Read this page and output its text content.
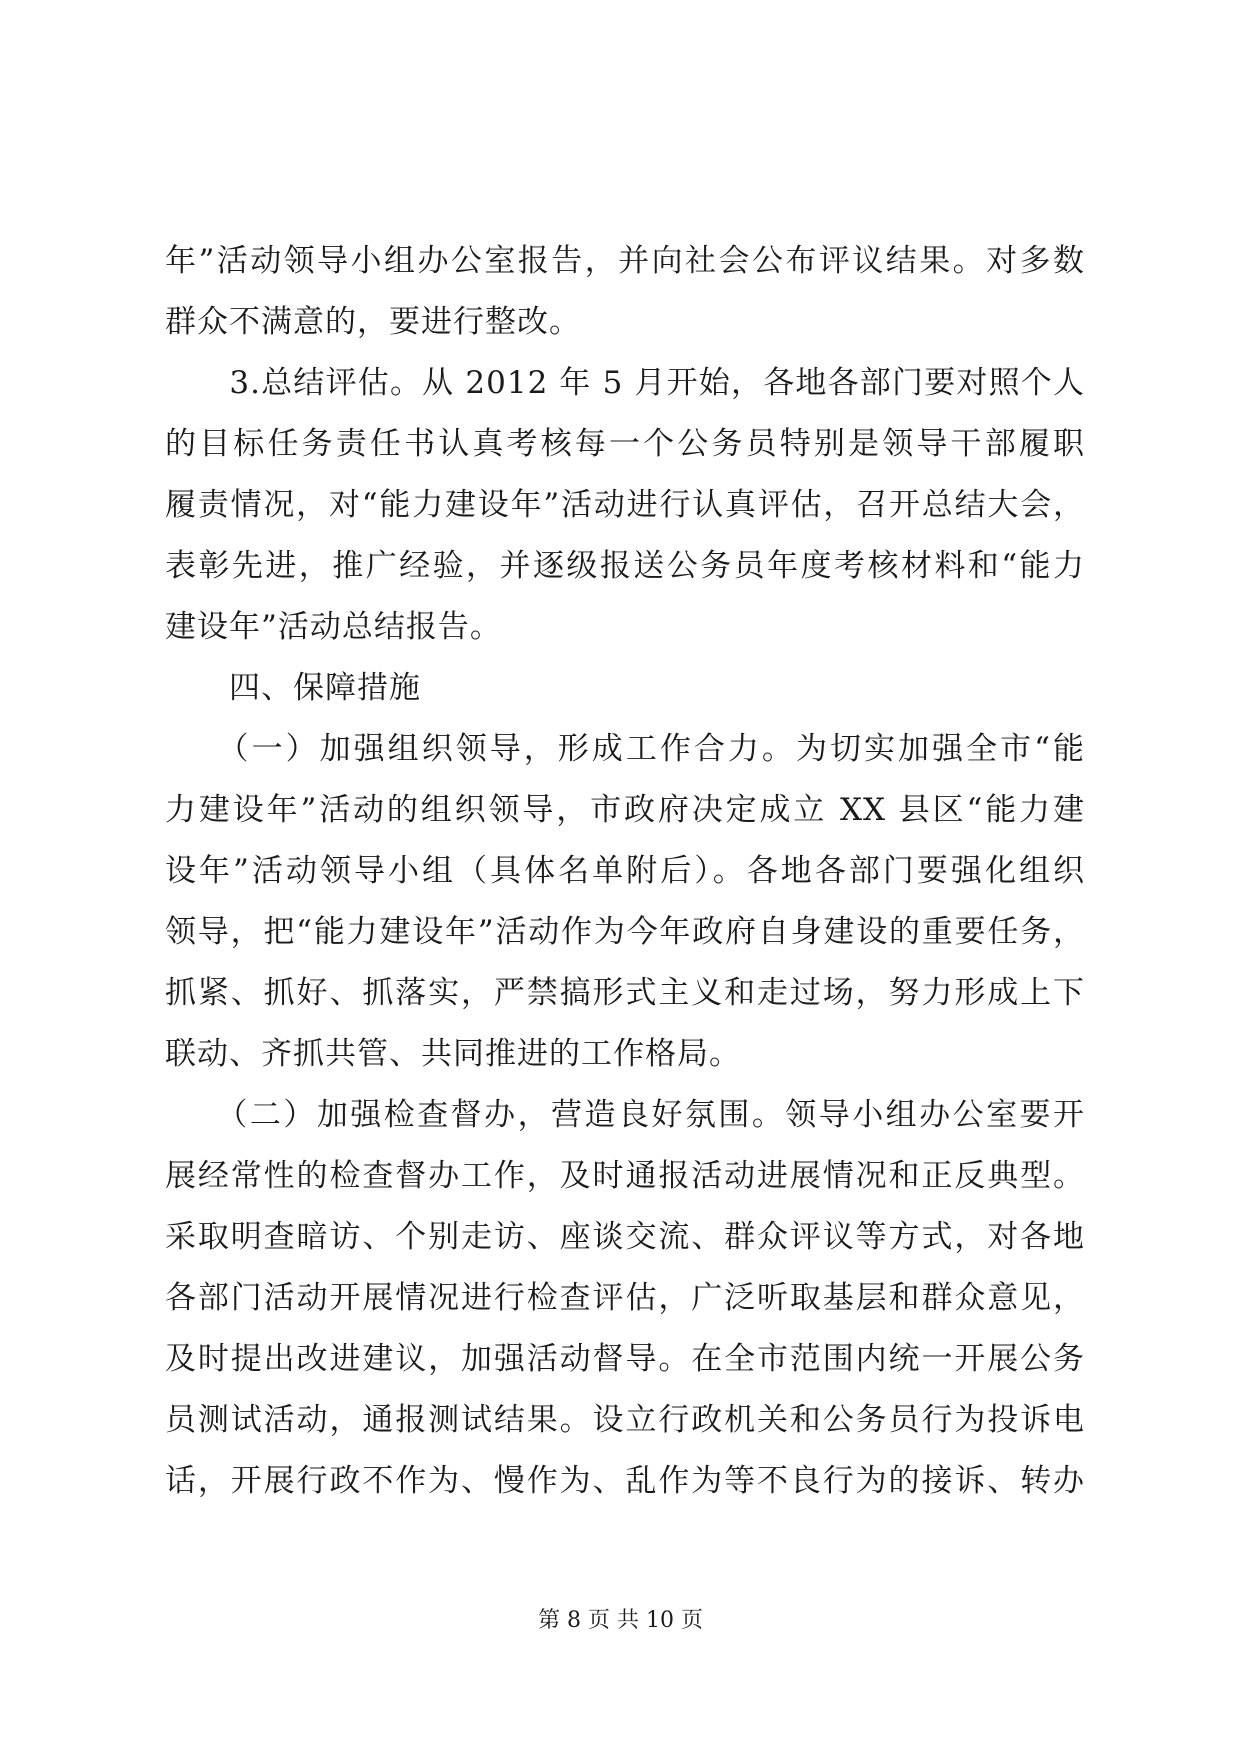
年”活动领导小组办公室报告，并向社会公布评议结果。对多数
群众不满意的，要进行整改。
　　3.总结评估。从 2012 年 5 月开始，各地各部门要对照个人
的目标任务责任书认真考核每一个公务员特别是领导干部履职
履责情况，对“能力建设年”活动进行认真评估，召开总结大会，
表彰先进，推广经验，并逐级报送公务员年度考核材料和“能力
建设年”活动总结报告。
　　四、保障措施
　　（一）加强组织领导，形成工作合力。为切实加强全市“能
力建设年”活动的组织领导，市政府决定成立 XX 县区“能力建
设年”活动领导小组（具体名单附后）。各地各部门要强化组织
领导，把“能力建设年”活动作为今年政府自身建设的重要任务，
抓紧、抓好、抓落实，严禁搞形式主义和走过场，努力形成上下
联动、齐抓共管、共同推进的工作格局。
　　（二）加强检查督办，营造良好氛围。领导小组办公室要开
展经常性的检查督办工作，及时通报活动进展情况和正反典型。
采取明查暗访、个别走访、座谈交流、群众评议等方式，对各地
各部门活动开展情况进行检查评估，广泛听取基层和群众意见，
及时提出改进建议，加强活动督导。在全市范围内统一开展公务
员测试活动，通报测试结果。设立行政机关和公务员行为投诉电
话，开展行政不作为、慢作为、乱作为等不良行为的接诉、转办
第 8 页 共 10 页
